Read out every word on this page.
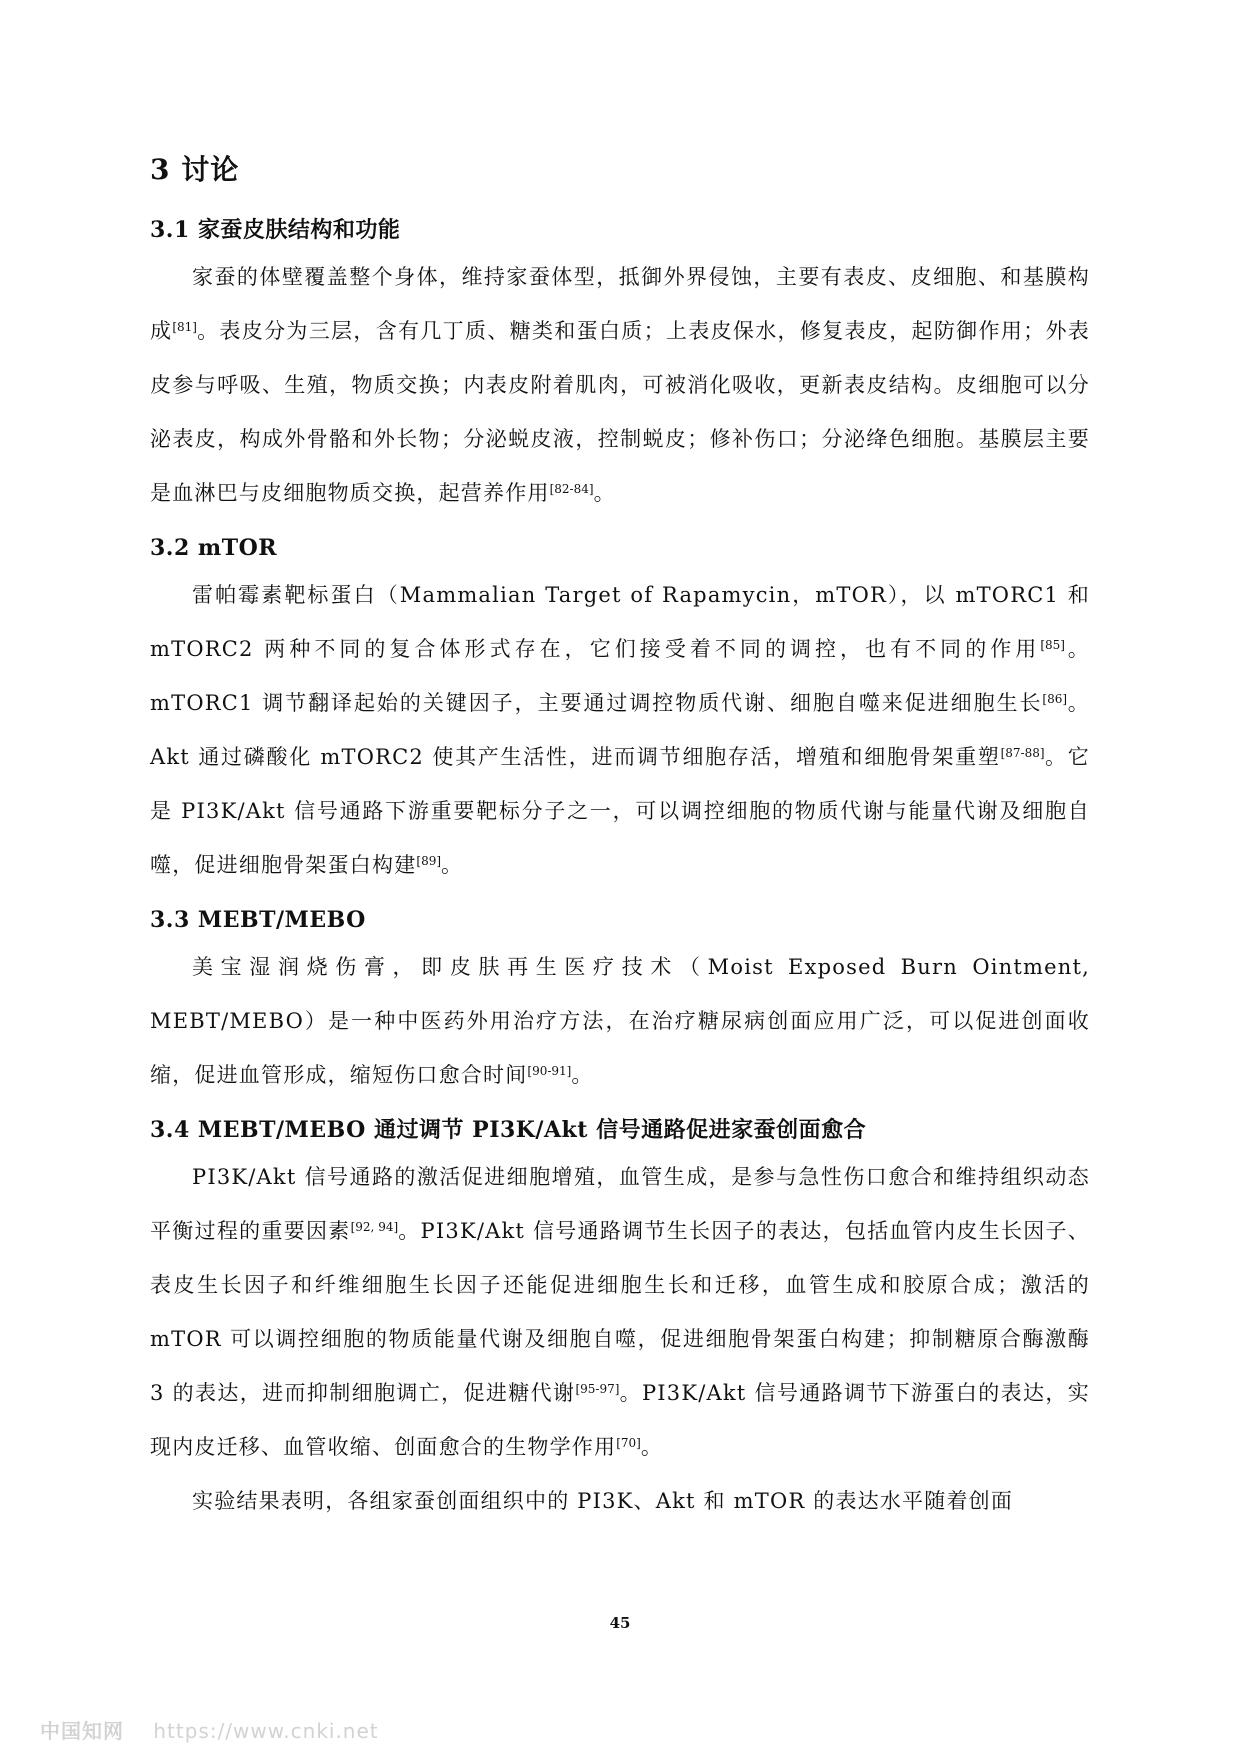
3 讨论
3.1 家蚕皮肤结构和功能

家蚕的体壁覆盖整个身体，维持家蚕体型，抵御外界侵蚀，主要有表皮、皮细胞、和基膜构成[81]。表皮分为三层，含有几丁质、糖类和蛋白质；上表皮保水，修复表皮，起防御作用；外表皮参与呼吸、生殖，物质交换；内表皮附着肌肉，可被消化吸收，更新表皮结构。皮细胞可以分泌表皮，构成外骨骼和外长物；分泌蜕皮液，控制蜕皮；修补伤口；分泌绛色细胞。基膜层主要是血淋巴与皮细胞物质交换，起营养作用[82-84]。

3.2 mTOR

雷帕霉素靶标蛋白（Mammalian Target of Rapamycin，mTOR），以 mTORC1 和 mTORC2 两种不同的复合体形式存在，它们接受着不同的调控，也有不同的作用[85]。mTORC1 调节翻译起始的关键因子，主要通过调控物质代谢、细胞自噬来促进细胞生长[86]。Akt 通过磷酸化 mTORC2 使其产生活性，进而调节细胞存活，增殖和细胞骨架重塑[87-88]。它是 PI3K/Akt 信号通路下游重要靶标分子之一，可以调控细胞的物质代谢与能量代谢及细胞自噬，促进细胞骨架蛋白构建[89]。

3.3 MEBT/MEBO

美宝湿润烧伤膏，即皮肤再生医疗技术（Moist Exposed Burn Ointment, MEBT/MEBO）是一种中医药外用治疗方法，在治疗糖尿病创面应用广泛，可以促进创面收缩，促进血管形成，缩短伤口愈合时间[90-91]。

3.4 MEBT/MEBO 通过调节 PI3K/Akt 信号通路促进家蚕创面愈合

PI3K/Akt 信号通路的激活促进细胞增殖，血管生成，是参与急性伤口愈合和维持组织动态平衡过程的重要因素[92, 94]。PI3K/Akt 信号通路调节生长因子的表达，包括血管内皮生长因子、表皮生长因子和纤维细胞生长因子还能促进细胞生长和迁移，血管生成和胶原合成；激活的 mTOR 可以调控细胞的物质能量代谢及细胞自噬，促进细胞骨架蛋白构建；抑制糖原合酶激酶 3 的表达，进而抑制细胞调亡，促进糖代谢[95-97]。PI3K/Akt 信号通路调节下游蛋白的表达，实现内皮迁移、血管收缩、创面愈合的生物学作用[70]。

实验结果表明，各组家蚕创面组织中的 PI3K、Akt 和 mTOR 的表达水平随着创面

45
中国知网 https://www.cnki.net
